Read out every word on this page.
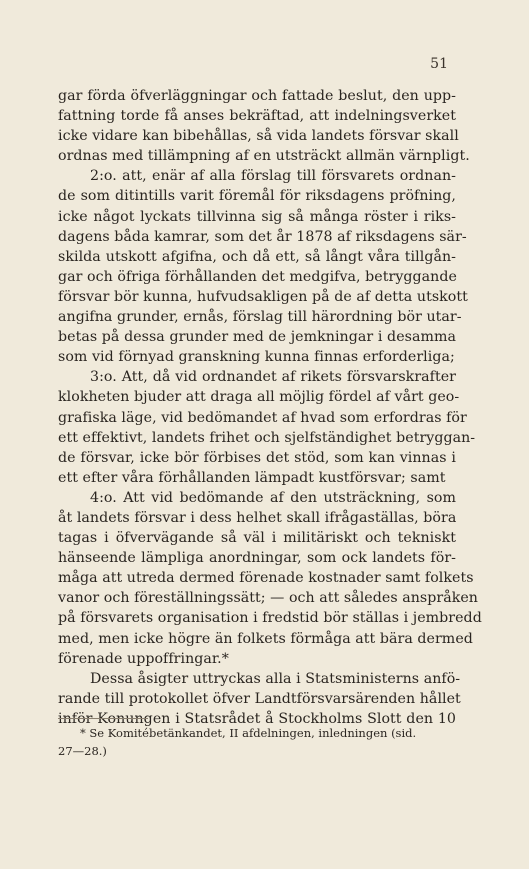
51
gar förda öfverläggningar och fattade beslut, den upp-
fattning torde få anses bekräftad, att indelningsverket
icke vidare kan bibehållas, så vida landets försvar skall
ordnas med tillämpning af en utsträckt allmän värnpligt.
2:o. att, enär af alla förslag till försvarets ordnan-
de som ditintills varit föremål för riksdagens pröfning,
icke något lyckats tillvinna sig så många röster i riks-
dagens båda kamrar, som det år 1878 af riksdagens sär-
skilda utskott afgifna, och då ett, så långt våra tillgån-
gar och öfriga förhållanden det medgifva, betryggande
försvar bör kunna, hufvudsakligen på de af detta utskott
angifna grunder, ernås, förslag till härordning bör utar-
betas på dessa grunder med de jemkningar i desamma
som vid förnyad granskning kunna finnas erforderliga;
3:o. Att, då vid ordnandet af rikets försvarskrafter
klokheten bjuder att draga all möjlig fördel af vårt geo-
grafiska läge, vid bedömandet af hvad som erfordras för
ett effektivt, landets frihet och sjelfständighet betryggan-
de försvar, icke bör förbises det stöd, som kan vinnas i
ett efter våra förhållanden lämpadt kustförsvar; samt
4:o. Att vid bedömande af den utsträckning, som
åt landets försvar i dess helhet skall ifrågaställas, böra
tagas i öfvervägande så väl i militäriskt och tekniskt
hänseende lämpliga anordningar, som ock landets för-
måga att utreda dermed förenade kostnader samt folkets
vanor och föreställningssätt; — och att således anspråken
på försvarets organisation i fredstid bör ställas i jembredd
med, men icke högre än folkets förmåga att bära dermed
förenade uppoffringar.*
Dessa åsigter uttryckas alla i Statsministerns anfö-
rande till protokollet öfver Landtförsvarsärenden hållet
inför Konungen i Statsrådet å Stockholms Slott den 10
* Se Komitébetänkandet, II afdelningen, inledningen (sid.
27—28.)
